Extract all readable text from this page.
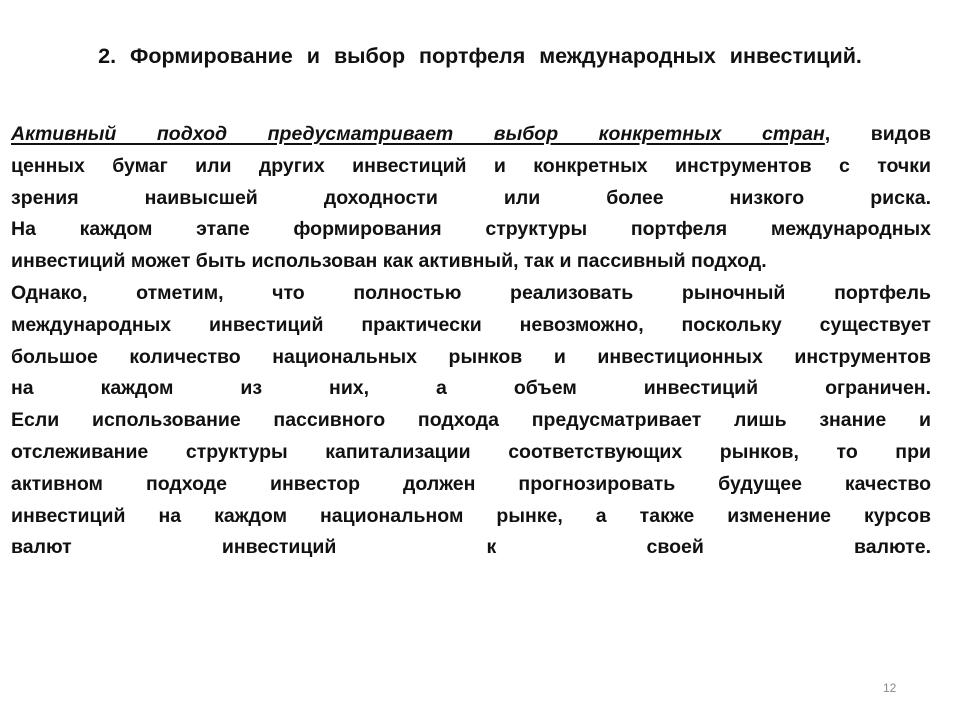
2. Формирование и выбор портфеля международных инвестиций.
Активный подход предусматривает выбор конкретных стран, видов
ценных бумаг или других инвестиций и конкретных инструментов с точки
зрения наивысшей доходности или более низкого риска.
На каждом этапе формирования структуры портфеля международных
инвестиций может быть использован как активный, так и пассивный подход.
Однако, отметим, что полностью реализовать рыночный портфель
международных инвестиций практически невозможно, поскольку существует
большое количество национальных рынков и инвестиционных инструментов
на каждом из них, а объем инвестиций ограничен.
Если использование пассивного подхода предусматривает лишь знание и
отслеживание структуры капитализации соответствующих рынков, то при
активном подходе инвестор должен прогнозировать будущее качество
инвестиций на каждом национальном рынке, а также изменение курсов
валют инвестиций к своей валюте.
12
